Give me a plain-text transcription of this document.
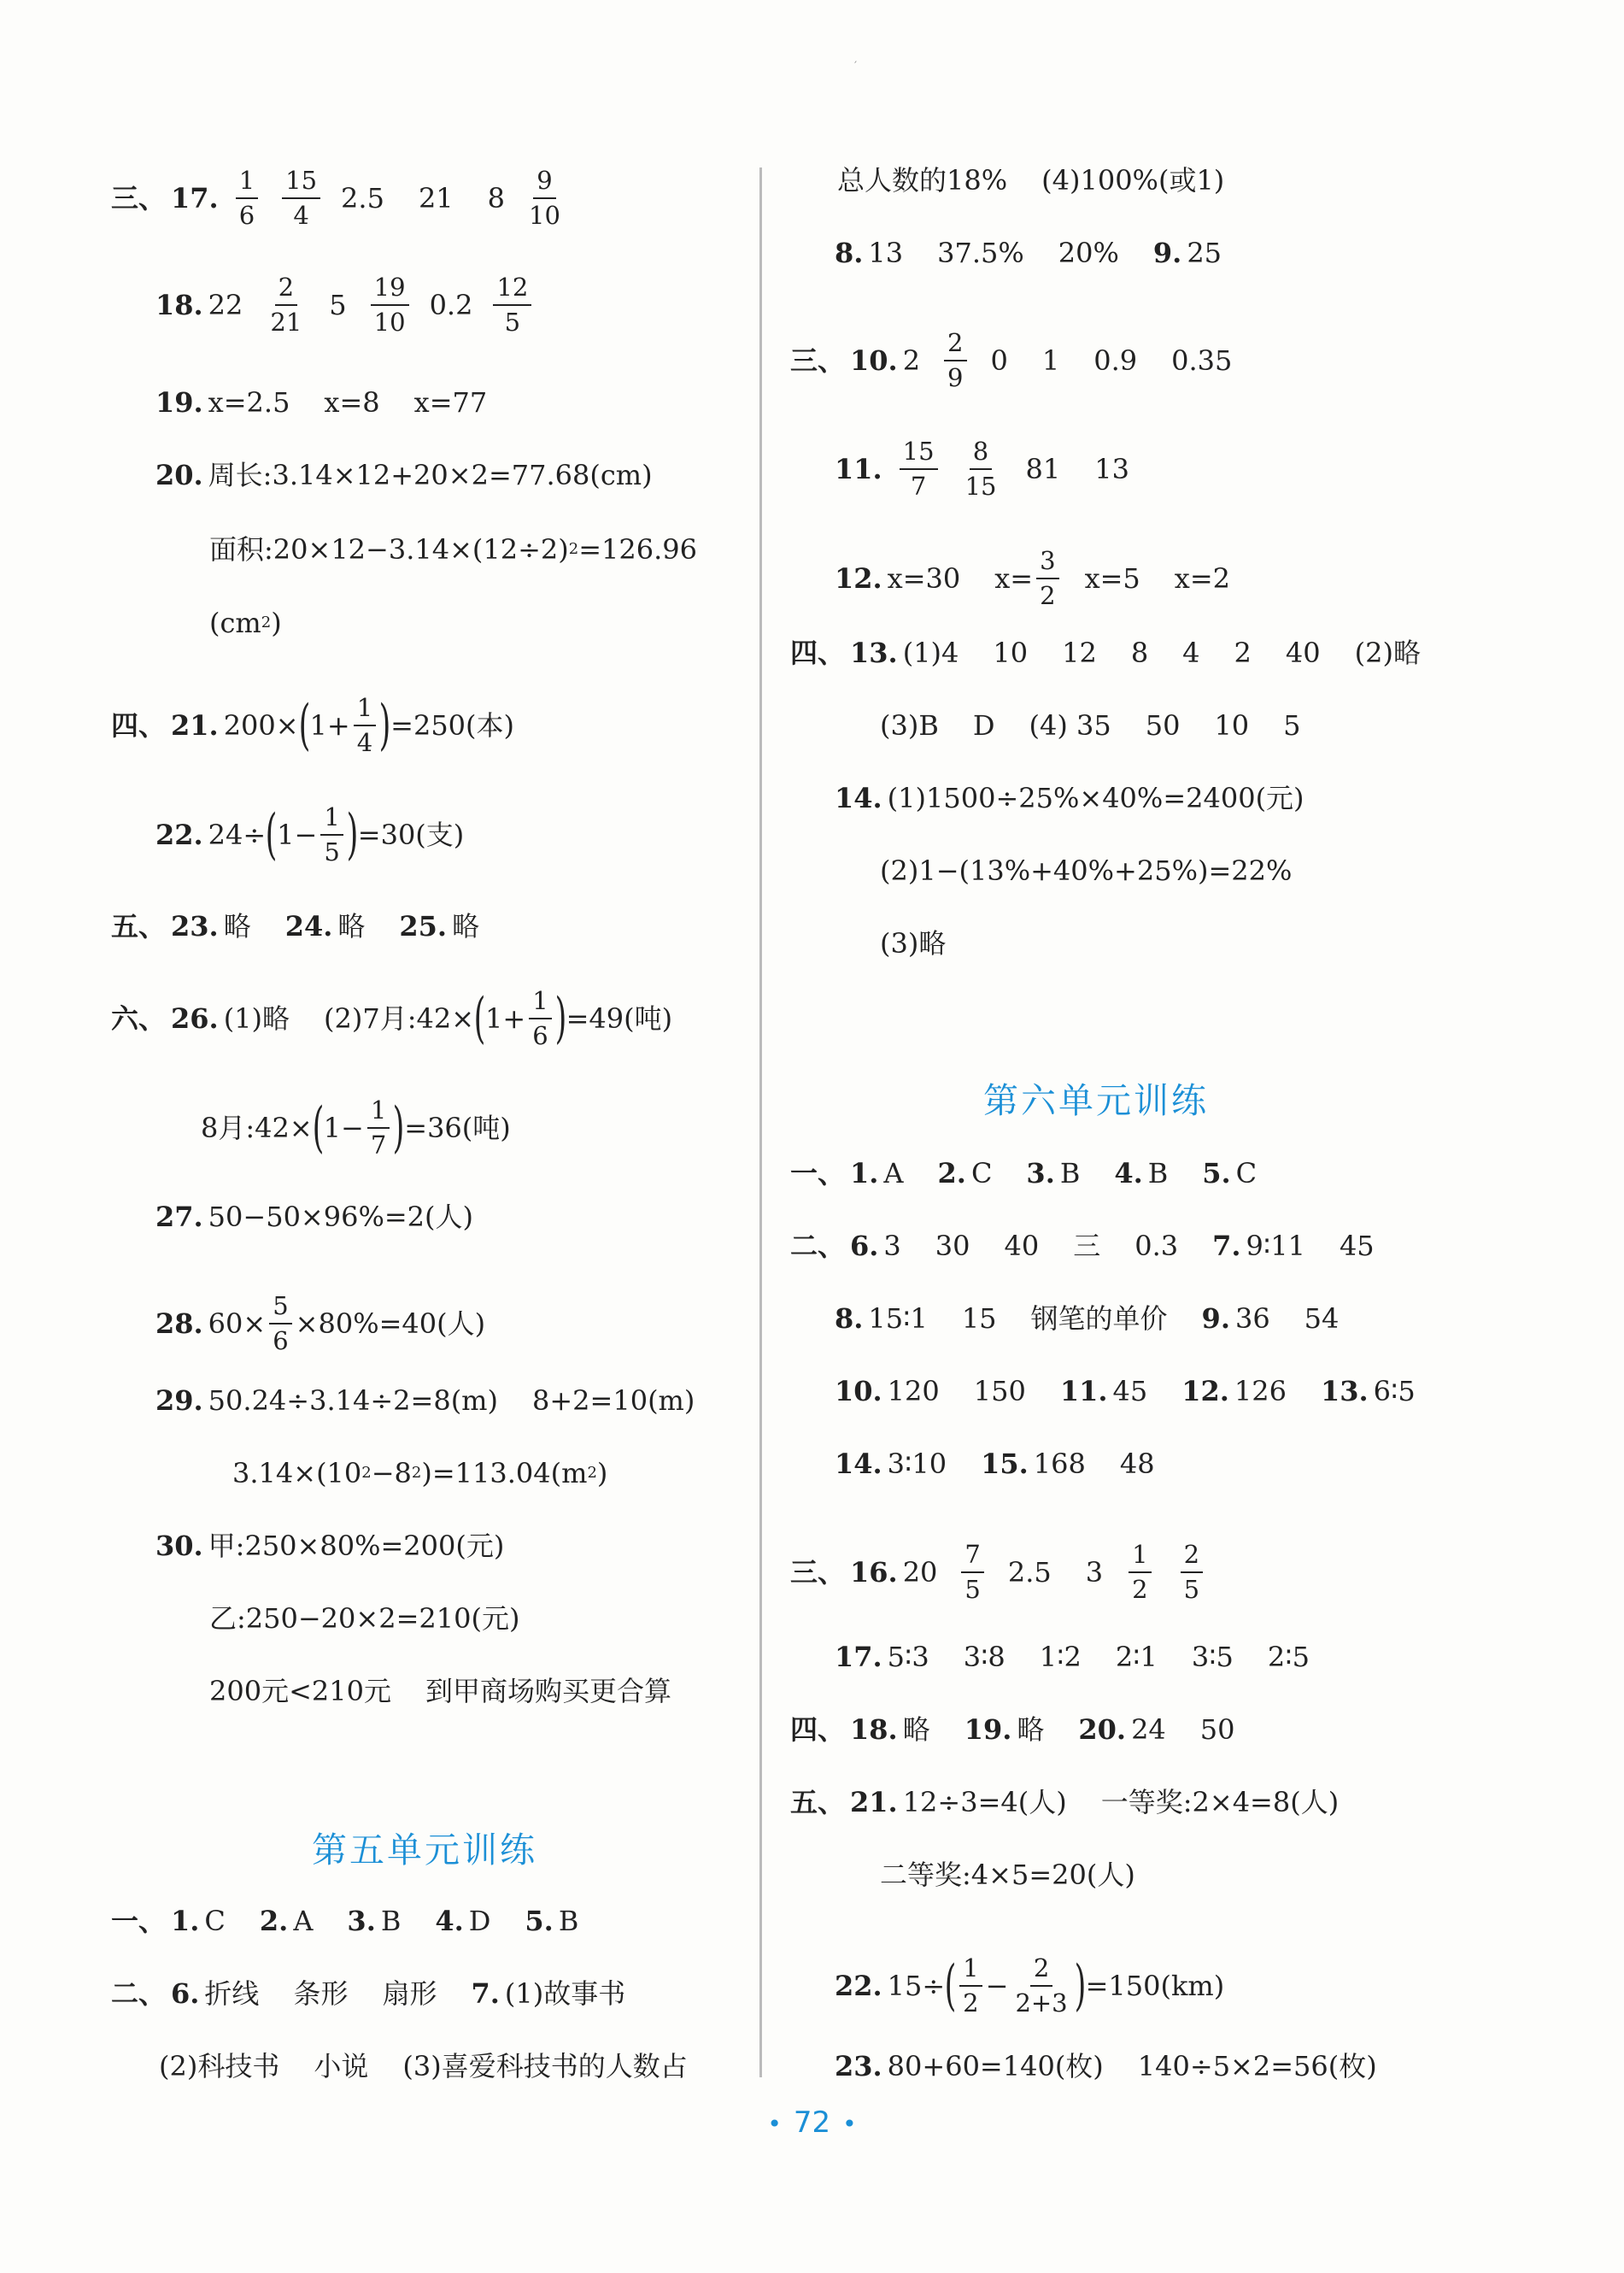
′
三、 17. $\frac{1}{6} \frac{15}{4} 2.5$ 21 $8 \frac{9}{10}$
18. $22 \frac{2}{21} 5 \frac{19}{10} 0.2 \frac{12}{5}$
19. x=2.5 x=8 x=77
20. 周长:3.14×12+20×2=77.68(cm)
面积:20×12−3.14×(12÷2) 2 =126.96
(cm 2 )
四、 21. 200× ( $1+ \frac{1}{4}$ ) =250(本)
22. 24÷ ( $1- \frac{1}{5}$ ) =30(支)
五、 23. 略 24. 略 25. 略
六、 26. (1)略 (2)7月:42× ( $1+ \frac{1}{6}$ ) =49(吨)
8月:42× ( $1- \frac{1}{7}$ ) =36(吨)
27. 50−50×96%=2(人)
28. $60\times \frac{5}{6} \times 80\%=40$(人)
29. 50.24÷3.14÷2=8(m) 8+2=10(m)
3.14×(10 2 −8 2 )=113.04(m 2 )
30. 甲:250×80%=200(元)
乙:250−20×2=210(元)
200元<210元 到甲商场购买更合算
第五单元训练
一、 1. C 2. A 3. B 4. D 5. B
二、 6. 折线 条形 扇形 7. (1)故事书
(2)科技书 小说 (3)喜爱科技书的人数占
总人数的18% (4)100%(或1)
8. 13 37.5% 20% 9. 25
三、 10. $2 \frac{2}{9} 0$ 1 0.9 0.35
11. $\frac{15}{7} \frac{8}{15} 81$ 13
12. x=30 $x= \frac{3}{2} x=5$ x=2
四、 13. (1)4 10 12 8 4 2 40 (2)略
(3)B D (4) 35 50 10 5
14. (1)1500÷25%×40%=2400(元)
(2)1−(13%+40%+25%)=22%
(3)略
第六单元训练
一、 1. A 2. C 3. B 4. B 5. C
二、 6. 3 30 40 三 0.3 7. 9∶11 45
8. 15∶1 15 钢笔的单价 9. 36 54
10. 120 150 11. 45 12. 126 13. 6∶5
14. 3∶10 15. 168 48
三、 16. $20 \frac{7}{5} 2.5$ $3 \frac{1}{2} \frac{2}{5}$
17. 5∶3 3∶8 1∶2 2∶1 3∶5 2∶5
四、 18. 略 19. 略 20. 24 50
五、 21. 12÷3=4(人) 一等奖:2×4=8(人)
二等奖:4×5=20(人)
22. 15÷ ( $\frac{1}{2} - \frac{2}{2+3}$ ) =150(km)
23. 80+60=140(枚) 140÷5×2=56(枚)
• 72 •
